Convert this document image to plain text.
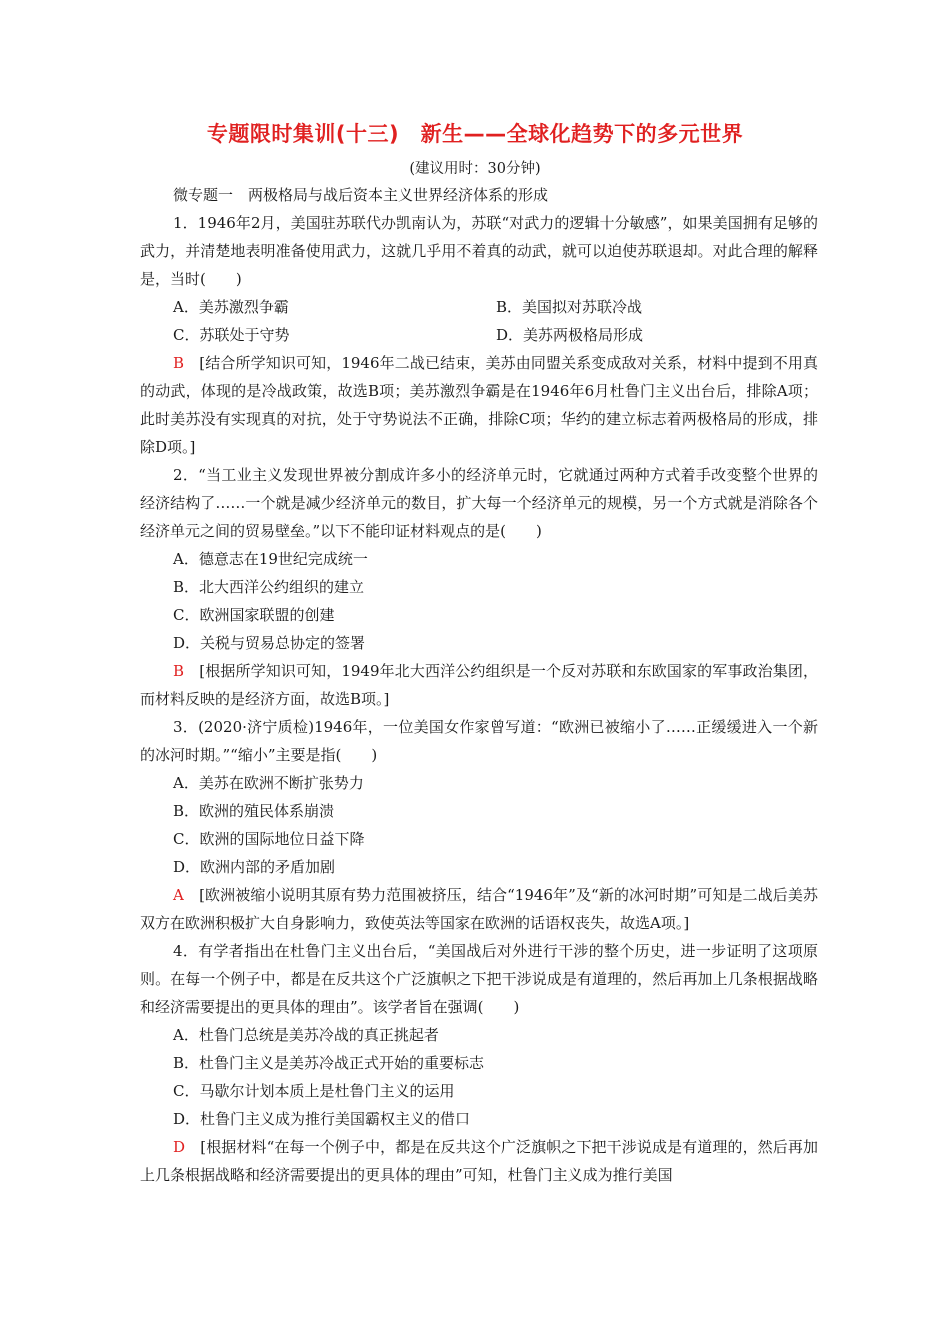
专题限时集训(十三)　新生——全球化趋势下的多元世界
(建议用时：30分钟)

微专题一　两极格局与战后资本主义世界经济体系的形成

1．1946年2月，美国驻苏联代办凯南认为，苏联“对武力的逻辑十分敏感”，如果美国拥有足够的武力，并清楚地表明准备使用武力，这就几乎用不着真的动武，就可以迫使苏联退却。对此合理的解释是，当时(　　)

A．美苏激烈争霸	B．美国拟对苏联冷战
C．苏联处于守势	D．美苏两极格局形成

B　 [结合所学知识可知，1946年二战已结束，美苏由同盟关系变成敌对关系，材料中提到不用真的动武，体现的是冷战政策，故选B项；美苏激烈争霸是在1946年6月杜鲁门主义出台后，排除A项；此时美苏没有实现真的对抗，处于守势说法不正确，排除C项；华约的建立标志着两极格局的形成，排除D项。]

2．“当工业主义发现世界被分割成许多小的经济单元时，它就通过两种方式着手改变整个世界的经济结构了……一个就是减少经济单元的数目，扩大每一个经济单元的规模，另一个方式就是消除各个经济单元之间的贸易壁垒。”以下不能印证材料观点的是(　　)

A．德意志在19世纪完成统一

B．北大西洋公约组织的建立

C．欧洲国家联盟的创建

D．关税与贸易总协定的签署

B　 [根据所学知识可知，1949年北大西洋公约组织是一个反对苏联和东欧国家的军事政治集团，而材料反映的是经济方面，故选B项。]

3．(2020·济宁质检)1946年，一位美国女作家曾写道：“欧洲已被缩小了……正缓缓进入一个新的冰河时期。”“缩小”主要是指(　　)

A．美苏在欧洲不断扩张势力

B．欧洲的殖民体系崩溃

C．欧洲的国际地位日益下降

D．欧洲内部的矛盾加剧

A　 [欧洲被缩小说明其原有势力范围被挤压，结合“1946年”及“新的冰河时期”可知是二战后美苏双方在欧洲积极扩大自身影响力，致使英法等国家在欧洲的话语权丧失，故选A项。]

4．有学者指出在杜鲁门主义出台后，“美国战后对外进行干涉的整个历史，进一步证明了这项原则。在每一个例子中，都是在反共这个广泛旗帜之下把干涉说成是有道理的，然后再加上几条根据战略和经济需要提出的更具体的理由”。该学者旨在强调(　　)

A．杜鲁门总统是美苏冷战的真正挑起者

B．杜鲁门主义是美苏冷战正式开始的重要标志

C．马歇尔计划本质上是杜鲁门主义的运用

D．杜鲁门主义成为推行美国霸权主义的借口

D　 [根据材料“在每一个例子中，都是在反共这个广泛旗帜之下把干涉说成是有道理的，然后再加上几条根据战略和经济需要提出的更具体的理由”可知，杜鲁门主义成为推行美国
